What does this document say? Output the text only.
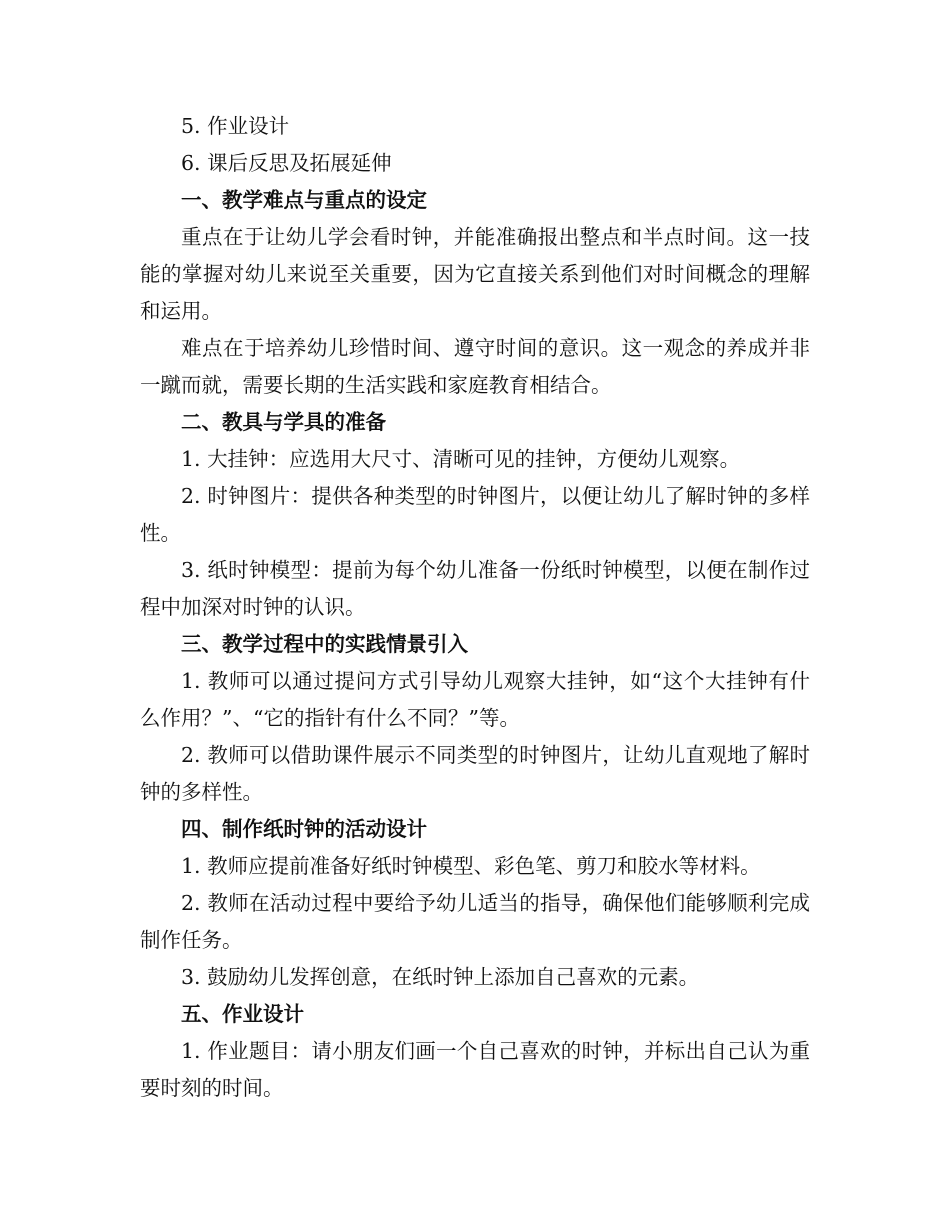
5. 作业设计

6. 课后反思及拓展延伸

一、教学难点与重点的设定

重点在于让幼儿学会看时钟，并能准确报出整点和半点时间。这一技能的掌握对幼儿来说至关重要，因为它直接关系到他们对时间概念的理解和运用。

难点在于培养幼儿珍惜时间、遵守时间的意识。这一观念的养成并非一蹴而就，需要长期的生活实践和家庭教育相结合。

二、教具与学具的准备

1. 大挂钟：应选用大尺寸、清晰可见的挂钟，方便幼儿观察。

2. 时钟图片：提供各种类型的时钟图片，以便让幼儿了解时钟的多样性。

3. 纸时钟模型：提前为每个幼儿准备一份纸时钟模型，以便在制作过程中加深对时钟的认识。

三、教学过程中的实践情景引入

1. 教师可以通过提问方式引导幼儿观察大挂钟，如“这个大挂钟有什么作用？”、“它的指针有什么不同？”等。

2. 教师可以借助课件展示不同类型的时钟图片，让幼儿直观地了解时钟的多样性。

四、制作纸时钟的活动设计

1. 教师应提前准备好纸时钟模型、彩色笔、剪刀和胶水等材料。

2. 教师在活动过程中要给予幼儿适当的指导，确保他们能够顺利完成制作任务。

3. 鼓励幼儿发挥创意，在纸时钟上添加自己喜欢的元素。

五、作业设计

1. 作业题目：请小朋友们画一个自己喜欢的时钟，并标出自己认为重要时刻的时间。
